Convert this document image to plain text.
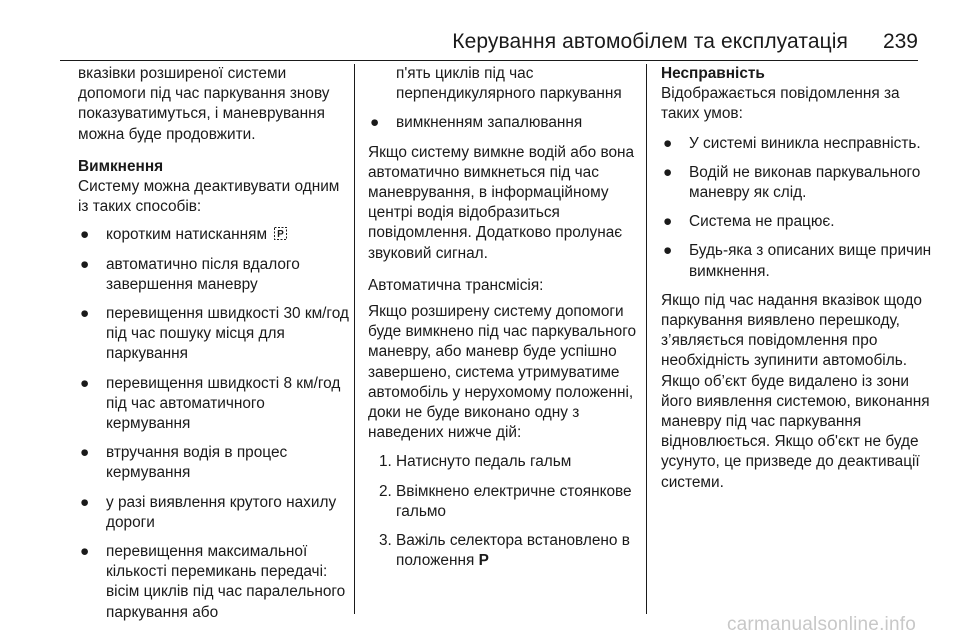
Керування автомобілем та експлуатація 239

вказівки розширеної системи допомоги під час паркування знову показуватимуться, і маневрування можна буде продовжити.

Вимкнення

Систему можна деактивувати одним із таких способів:

● коротким натисканням P
● автоматично після вдалого завершення маневру
● перевищення швидкості 30 км/год під час пошуку місця для паркування
● перевищення швидкості 8 км/год під час автоматичного кермування
● втручання водія в процес кермування
● у разі виявлення крутого нахилу дороги
● перевищення максимальної кількості перемикань передачі: вісім циклів під час паралельного паркування або
п'ять циклів під час перпендикулярного паркування
● вимкненням запалювання

Якщо систему вимкне водій або вона автоматично вимкнеться під час маневрування, в інформаційному центрі водія відобразиться повідомлення. Додатково пролунає звуковий сигнал.

Автоматична трансмісія:

Якщо розширену систему допомоги буде вимкнено під час паркувального маневру, або маневр буде успішно завершено, система утримуватиме автомобіль у нерухомому положенні, доки не буде виконано одну з наведених нижче дій:

1. Натиснуто педаль гальм
2. Ввімкнено електричне стоянкове гальмо
3. Важіль селектора встановлено в положення P

Несправність

Відображається повідомлення за таких умов:

● У системі виникла несправність.
● Водій не виконав паркувального маневру як слід.
● Система не працює.
● Будь-яка з описаних вище причин вимкнення.

Якщо під час надання вказівок щодо паркування виявлено перешкоду, з’являється повідомлення про необхідність зупинити автомобіль. Якщо об’єкт буде видалено із зони його виявлення системою, виконання маневру під час паркування відновлюється. Якщо об'єкт не буде усунуто, це призведе до деактивації системи.

carmanualsonline.info
